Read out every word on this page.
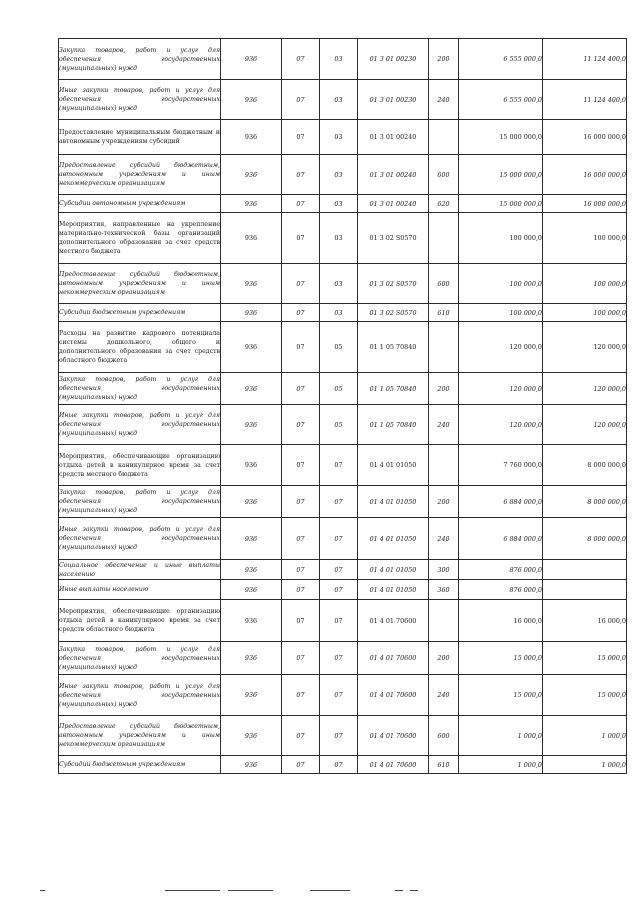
Закупка товаров, работ и услуг для обеспечения государственных (муниципальных) нужд	936	07	03	01 3 01 00230	200	6 555 000,0	11 124 400,0
Иные закупки товаров, работ и услуг для обеспечения государственных (муниципальных) нужд	936	07	03	01 3 01 00230	240	6 555 000,0	11 124 400,0
Предоставление муниципальным бюджетным и автономным учреждениям субсидий	936	07	03	01 3 01 00240		15 000 000,0	16 000 000,0
Предоставление субсидий бюджетным, автономным учреждениям и иным некоммерческим организациям	936	07	03	01 3 01 00240	600	15 000 000,0	16 000 000,0
Субсидии автономным учреждениям	936	07	03	01 3 01 00240	620	15 000 000,0	16 000 000,0
Мероприятия, направленные на укрепление материально-технической базы организаций дополнительного образования за счет средств местного бюджета	936	07	03	01 3 02 S0570		100 000,0	100 000,0
Предоставление субсидий бюджетным, автономным учреждениям и иным некоммерческим организациям	936	07	03	01 3 02 S0570	600	100 000,0	100 000,0
Субсидии бюджетным учреждениям	936	07	03	01 3 02 S0570	610	100 000,0	100 000,0
Расходы на развитие кадрового потенциала системы дошкольного, общего и дополнительного образования за счет средств областного бюджета	936	07	05	01 1 05 70840		120 000,0	120 000,0
Закупка товаров, работ и услуг для обеспечения государственных (муниципальных) нужд	936	07	05	01 1 05 70840	200	120 000,0	120 000,0
Иные закупки товаров, работ и услуг для обеспечения государственных (муниципальных) нужд	936	07	05	01 1 05 70840	240	120 000,0	120 000,0
Мероприятия, обеспечивающие организацию отдыха детей в каникулярное время за счет средств местного бюджета	936	07	07	01 4 01 01050		7 760 000,0	8 000 000,0
Закупка товаров, работ и услуг для обеспечения государственных (муниципальных) нужд	936	07	07	01 4 01 01050	200	6 884 000,0	8 000 000,0
Иные закупки товаров, работ и услуг для обеспечения государственных (муниципальных) нужд	936	07	07	01 4 01 01050	240	6 884 000,0	8 000 000,0
Социальное обеспечение и иные выплаты населению	936	07	07	01 4 01 01050	300	876 000,0	
Иные выплаты населению	936	07	07	01 4 01 01050	360	876 000,0	
Мероприятия, обеспечивающие организацию отдыха детей в каникулярное время за счет средств областного бюджета	936	07	07	01 4 01 70600		16 000,0	16 000,0
Закупка товаров, работ и услуг для обеспечения государственных (муниципальных) нужд	936	07	07	01 4 01 70600	200	15 000,0	15 000,0
Иные закупки товаров, работ и услуг для обеспечения государственных (муниципальных) нужд	936	07	07	01 4 01 70600	240	15 000,0	15 000,0
Предоставление субсидий бюджетным, автономным учреждениям и иным некоммерческим организациям	936	07	07	01 4 01 70600	600	1 000,0	1 000,0
Субсидии бюджетным учреждениям	936	07	07	01 4 01 70600	610	1 000,0	1 000,0
